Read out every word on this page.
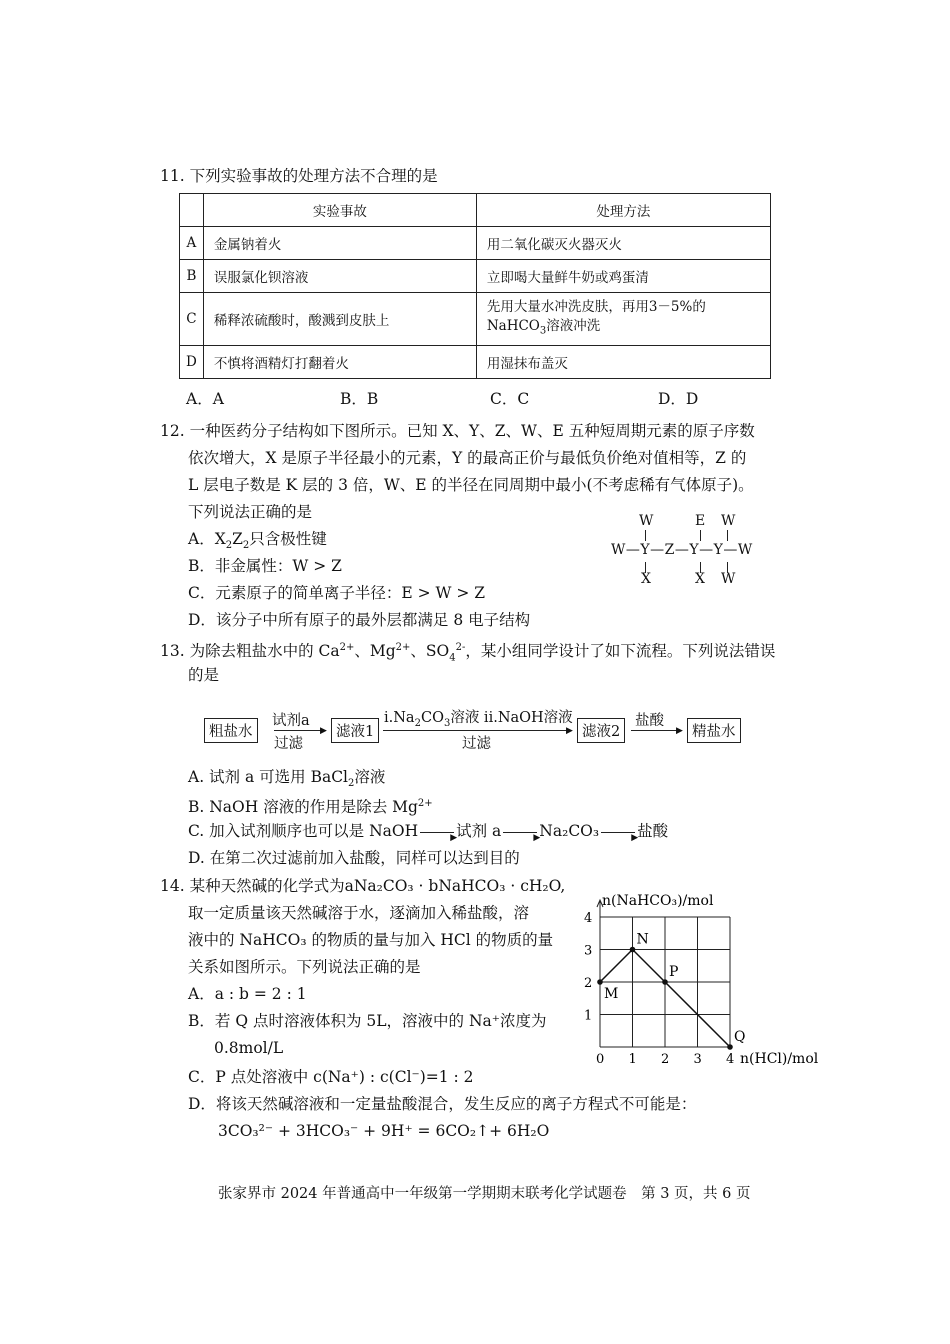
11. 下列实验事故的处理方法不合理的是
	实验事故	处理方法
A	金属钠着火	用二氧化碳灭火器灭火
B	误服氯化钡溶液	立即喝大量鲜牛奶或鸡蛋清
C	稀释浓硫酸时，酸溅到皮肤上	先用大量水冲洗皮肤，再用3－5%的
NaHCO$_3$溶液冲洗
D	不慎将酒精灯打翻着火	用湿抹布盖灭
A．A	B．B	C．C	D．D
12. 一种医药分子结构如下图所示。已知 X、Y、Z、W、E 五种短周期元素的原子序数
依次增大，X 是原子半径最小的元素，Y 的最高正价与最低负价绝对值相等，Z 的
L 层电子数是 K 层的 3 倍，W、E 的半径在同周期中最小(不考虑稀有气体原子)。
下列说法正确的是
A．$X_2Z_2$只含极性键
B．非金属性：W > Z
C．元素原子的简单离子半径：E > W > Z
D．该分子中所有原子的最外层都满足 8 电子结构
W	E W
W—Y—Z—Y—Y—W
X	X W
13. 为除去粗盐水中的 $Ca^{2+}$、$Mg^{2+}$、$SO_4^{2-}$，某小组同学设计了如下流程。下列说法错误
的是
粗盐水	▶
试剂a
过滤
滤液1	▶
$i.Na_2CO_3$溶液 ii.NaOH溶液
过滤
滤液2	▶
盐酸
精盐水
A. 试剂 a 可选用 BaCl$_2$溶液
B. NaOH 溶液的作用是除去 $Mg^{2+}$
C. 加入试剂顺序也可以是 NaOH	▶ 试剂 a	▶ Na₂CO₃	▶ 盐酸
D. 在第二次过滤前加入盐酸，同样可以达到目的
14. 某种天然碱的化学式为aNa₂CO₃ · bNaHCO₃ · cH₂O,
取一定质量该天然碱溶于水，逐滴加入稀盐酸，溶
液中的 NaHCO₃ 的物质的量与加入 HCl 的物质的量
关系如图所示。下列说法正确的是
A．a : b = 2 : 1
B．若 Q 点时溶液体积为 5L，溶液中的 Na⁺浓度为
0.8mol/L
C．P 点处溶液中 c(Na⁺) : c(Cl⁻)=1 : 2
D．将该天然碱溶液和一定量盐酸混合，发生反应的离子方程式不可能是：
3CO₃²⁻ + 3HCO₃⁻ + 9H⁺ = 6CO₂↑+ 6H₂O
0 1 2 3 4
1
2
3
4
n(HCl)/mol
n(NaHCO₃)/mol
M
N
P
Q
张家界市 2024 年普通高中一年级第一学期期末联考化学试题卷　第 3 页，共 6 页
